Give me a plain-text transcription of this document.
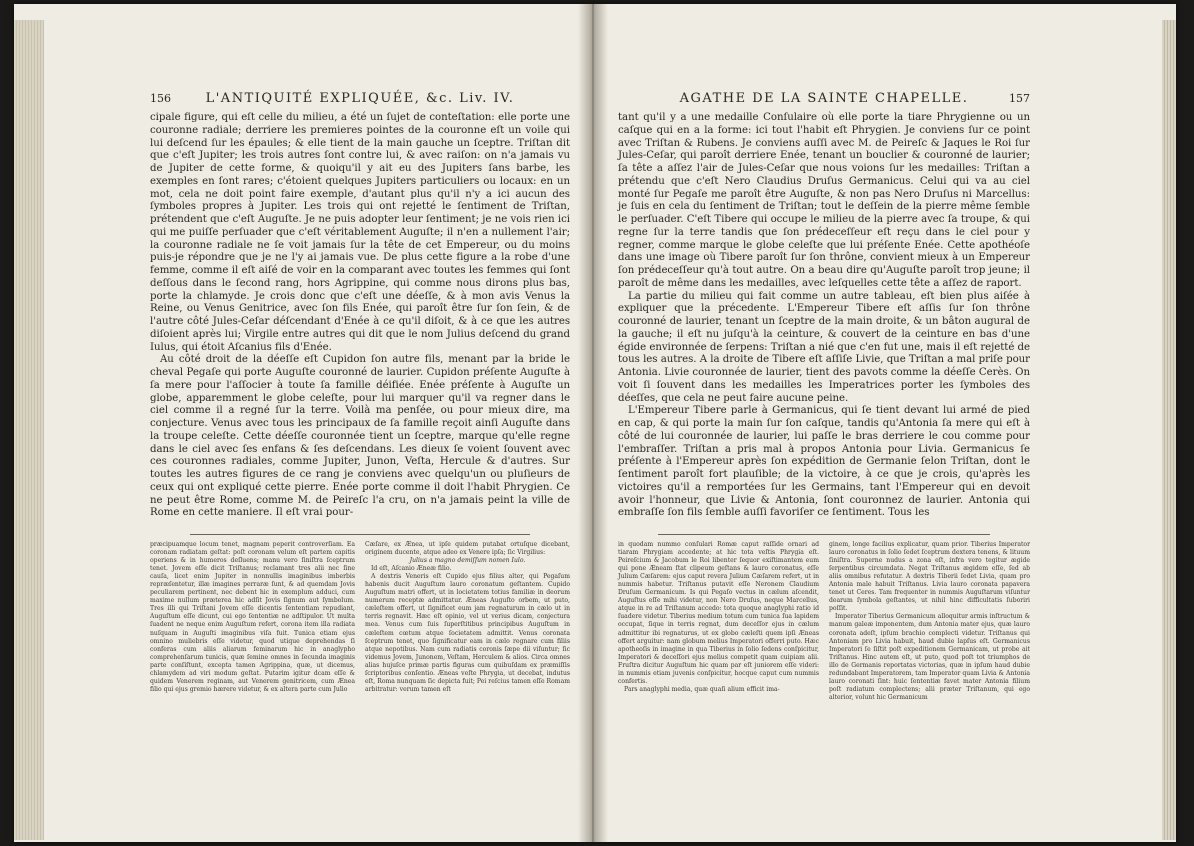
156	L'ANTIQUITÉ EXPLIQUÉE, &c. Liv. IV.

cipale figure, qui eſt celle du milieu, a été un ſujet de conteſtation: elle porte une couronne radiale; derriere les premieres pointes de la couronne eſt un voile qui lui deſcend ſur les épaules; & elle tient de la main gauche un ſceptre. Triſtan dit que c'eſt Jupiter; les trois autres ſont contre lui, & avec raiſon: on n'a jamais vu de Jupiter de cette forme, & quoiqu'il y ait eu des Jupiters ſans barbe, les exemples en ſont rares; c'étoient quelques Jupiters particuliers ou locaux: en un mot, cela ne doit point faire exemple, d'autant plus qu'il n'y a ici aucun des ſymboles propres à Jupiter. Les trois qui ont rejetté le ſentiment de Triſtan, prétendent que c'eſt Auguſte. Je ne puis adopter leur ſentiment; je ne vois rien ici qui me puiſſe perſuader que c'eſt véritablement Auguſte; il n'en a nullement l'air; la couronne radiale ne ſe voit jamais ſur la tête de cet Empereur, ou du moins puis-je répondre que je ne l'y ai jamais vue. De plus cette figure a la robe d'une femme, comme il eſt aiſé de voir en la comparant avec toutes les femmes qui ſont deſſous dans le ſecond rang, hors Agrippine, qui comme nous dirons plus bas, porte la chlamyde. Je crois donc que c'eſt une déeſſe, & à mon avis Venus la Reine, ou Venus Genitrice, avec ſon fils Enée, qui paroît être ſur ſon ſein, & de l'autre côté Jules-Ceſar déſcendant d'Enée à ce qu'il diſoit, & à ce que les autres diſoient après lui; Virgile entre autres qui dit que le nom Julius deſcend du grand Iulus, qui étoit Aſcanius fils d'Enée.

Au côté droit de la déeſſe eſt Cupidon ſon autre fils, menant par la bride le cheval Pegaſe qui porte Auguſte couronné de laurier. Cupidon préſente Auguſte à ſa mere pour l'aſſocier à toute ſa famille déifiée. Enée préſente à Auguſte un globe, apparemment le globe celeſte, pour lui marquer qu'il va regner dans le ciel comme il a regné ſur la terre. Voilà ma penſée, ou pour mieux dire, ma conjecture. Venus avec tous les principaux de ſa famille reçoit ainſi Auguſte dans la troupe celeſte. Cette déeſſe couronnée tient un ſceptre, marque qu'elle regne dans le ciel avec ſes enfans & ſes deſcendans. Les dieux ſe voient ſouvent avec ces couronnes radiales, comme Jupiter, Junon, Veſta, Hercule & d'autres. Sur toutes les autres figures de ce rang je conviens avec quelqu'un ou pluſieurs de ceux qui ont expliqué cette pierre. Enée porte comme il doit l'habit Phrygien. Ce ne peut être Rome, comme M. de Peireſc l'a cru, on n'a jamais peint la ville de Rome en cette maniere. Il eſt vrai pour-

præcipuamque locum tenet, magnam peperit controverſiam. Ea coronam radiatam geſtat: poſt coronam velum eſt partem capitis operiens & in humeros deſluens; manu vero ſiniſtra ſceptrum tenet. Jovem eſſe dicit Triſtanus; reclamant tres alii nec ſine cauſa, licet enim Jupiter in nonnullis imaginibus imberbis repræſentetur, illæ imagines perraræ ſunt, & ad quemdam Jovis peculiarem pertinent, nec debent hic in exemplum adduci, cum maxime nullum præterea hic adſit Jovis ſignum aut ſymbolum. Tres illi qui Triſtani Jovem eſſe dicentis ſententiam repudiant, Auguſtum eſſe dicunt, cui ego ſententiæ ne adſtipulor. Ut multa ſuadent ne neque enim Auguſtum refert, corona item illa radiata nuſquam in Auguſti imaginibus viſa fuit. Tunica etiam ejus omnino muliebris eſſe videtur, quod utique deprehendas ſi conferas cum aliis aliarum feminarum hic in anaglypho comprehenſarum tunicis, quæ ſemine omnes in ſecunda imaginis parte conſiſtunt, excepta tamen Agrippina, quæ, ut dicemus, chlamydem ad viri modum geſtat. Putarim igitur dcam eſſe & quidem Venerem reginam, aut Venerem genitricem, cum Ænea filio qui ejus gremio hærere videtur, & ex altera parte cum Julio

Cæſare, ex Ænea, ut ipſe quidem putabat ortuſque dicebant, originem ducente, atque adeo ex Venere ipſa; ſic Virgilius:

Julius a magno demiſſum nomen Iulo.

Id eſt, Aſcanio Æneæ filio.

A dextris Veneris eſt Cupido ejus filius alter, qui Pegaſum habenis ducit Auguſtum lauro coronatum geſtantem. Cupido Auguſtum matri offert, ut in locietatem totius familiæ in deorum numerum receptæ admittatur. Æneas Auguſto orbem, ut puto, cæleſtem offert, ut ſignificet eum jam regnaturum in cælo ut in terris regnavit. Hæc eſt opinio, vel ut verius dicam, conjectura mea. Venus cum ſuis ſuperſtitibus principibus Auguſtum in cæleſtem cœtum atque ſocietatem admittit. Venus coronata ſceptrum tenet, quo ſignificatur eam in cælo regnare cum filiis atque nepotibus. Nam cum radiatis coronis ſæpe dii viſuntur; ſic videmus Jovem, Junonem, Veſtam, Herculem & alios. Circa omnes alias hujuſce primæ partis figuras cum quibuſdam ex præmiſſis ſcriptoribus conſentio. Æneas veſte Phrygia, ut decebat, indutus eſt, Roma nunquam ſic depicta fuit; Pei reſcius tamen eſſe Romam arbitratur: verum tamen eſt

AGATHE DE LA SAINTE CHAPELLE.	157

tant qu'il y a une medaille Conſulaire où elle porte la tiare Phrygienne ou un caſque qui en a la forme: ici tout l'habit eſt Phrygien. Je conviens ſur ce point avec Triſtan & Rubens. Je conviens auſſi avec M. de Peireſc & Jaques le Roi ſur Jules-Ceſar, qui paroît derriere Enée, tenant un bouclier & couronné de laurier; ſa tête a aſſez l'air de Jules-Ceſar que nous voions ſur les medailles: Triſtan a prétendu que c'eſt Nero Claudius Druſus Germanicus. Celui qui va au ciel monté ſur Pegaſe me paroît être Auguſte, & non pas Nero Druſus ni Marcellus: je ſuis en cela du ſentiment de Triſtan; tout le deſſein de la pierre même ſemble le perſuader. C'eſt Tibere qui occupe le milieu de la pierre avec ſa troupe, & qui regne ſur la terre tandis que ſon prédeceſſeur eſt reçu dans le ciel pour y regner, comme marque le globe celeſte que lui préſente Enée. Cette apothéoſe dans une image où Tibere paroît ſur ſon thrône, convient mieux à un Empereur ſon prédeceſſeur qu'à tout autre. On a beau dire qu'Auguſte paroît trop jeune; il paroît de même dans les medailles, avec leſquelles cette tête a aſſez de raport.

La partie du milieu qui fait comme un autre tableau, eſt bien plus aiſée à expliquer que la précedente. L'Empereur Tibere eſt aſſis ſur ſon thrône couronné de laurier, tenant un ſceptre de la main droite, & un bâton augural de la gauche; il eſt nu juſqu'à la ceinture, & couvert de la ceinture en bas d'une égide environnée de ſerpens: Triſtan a nié que c'en fut une, mais il eſt rejetté de tous les autres. A la droite de Tibere eſt aſſiſe Livie, que Triſtan a mal priſe pour Antonia. Livie couronnée de laurier, tient des pavots comme la déeſſe Cerès. On voit ſi ſouvent dans les medailles les Imperatrices porter les ſymboles des déeſſes, que cela ne peut faire aucune peine.

L'Empereur Tibere parle à Germanicus, qui ſe tient devant lui armé de pied en cap, & qui porte la main ſur ſon caſque, tandis qu'Antonia ſa mere qui eſt à côté de lui couronnée de laurier, lui paſſe le bras derriere le cou comme pour l'embraſſer. Triſtan a pris mal à propos Antonia pour Livia. Germanicus ſe préſente à l'Empereur après ſon expédition de Germanie ſelon Triſtan, dont le ſentiment paroît fort plauſible; de la victoire, à ce que je crois, qu'après les victoires qu'il a remportées ſur les Germains, tant l'Empereur qui en devoit avoir l'honneur, que Livie & Antonia, ſont couronnez de laurier. Antonia qui embraſſe ſon fils ſemble auſſi favoriſer ce ſentiment. Tous les

in quodam nummo conſulari Romæ caput raſſide ornari ad tiaram Phrygiam accedente; at hic tota veſtis Phrygia eſt. Peireſcium & Jacobum le Roi libenter ſequor exiſtimantem eum qui pone Æneam ſtat clipeum geſtans & lauro coronatus, eſſe Julium Cæſarem: ejus caput revera Julium Cæſarem refert, ut in nummis habetur. Triſtanus putavit eſſe Neronem Claudium Druſum Germanicum. Is qui Pegaſo vectus in cælum aſcendit, Auguſtus eſſe mihi videtur, non Nero Druſus, neque Marcellus, atque in re ad Triſtanum accedo: tota quoque anaglyphi ratio id ſuadere videtur. Tiberius medium totum cum tunica ſua lapidem occupat, ſique in terris regnat, dum deceſſor ejus in cælum admittitur ibi regnaturus, ut ex globo cæleſti quem ipſi Æneas offert arguitur: nam globum melius Imperatori offerri puto. Hæc apotheoſis in imagine in qua Tiberius in ſolio ſedens conſpicitur, Imperatori & deceſſori ejus melius competit quam cuipiam alii. Fruſtra dicitur Auguſtum hic quam par eſt juniorem eſſe videri: in nummis etiam juvenis conſpicitur, hocque caput cum nummis confertis.

Pars anaglyphi media, quæ quaſi alium efficit ima-

ginem, longe facilius explicatur, quam prior. Tiberius Imperator lauro coronatus in ſolio ſedet ſceptrum dextera tenens, & lituum ſiniſtra. Superne nudus a zona eſt, infra vero tegitur ægide ſerpentibus circumdata. Negat Triſtanus ægidem eſſe, ſed ab aliis omnibus refutatur. A dextris Tiberii ſedet Livia, quam pro Antonia male habuit Triſtanus. Livia lauro coronata papavera tenet ut Ceres. Tam frequenter in nummis Auguſtarum viſuntur dearum ſymbola geſtantes, ut nihil hinc difficultatis ſuboriri poſſit.

Imperator Tiberius Germanicum alloquitur armis inſtructum & manum galeæ imponentem, dum Antonia mater ejus, quæ lauro coronata adeſt, ipſum brachio complecti videtur. Triſtanus qui Antoniam pro Livia habuit, haud dubie lapſus eſt. Germanicus Imperatori ſe ſiſtit poſt expeditionem Germanicam, ut probe ait Triſtanus. Hinc autem eſt, ut puto, quod poſt tot triumphos de illo de Germanis reportatas victorias, quæ in ipſum haud dubie redundabant Imperatorem, tam Imperator quam Livia & Antonia lauro coronati ſint: huic ſententiæ favet mater Antonia filium poſt radiatum complectens; alii præter Triſtanum, qui ego alterior, volunt hic Germanicum
